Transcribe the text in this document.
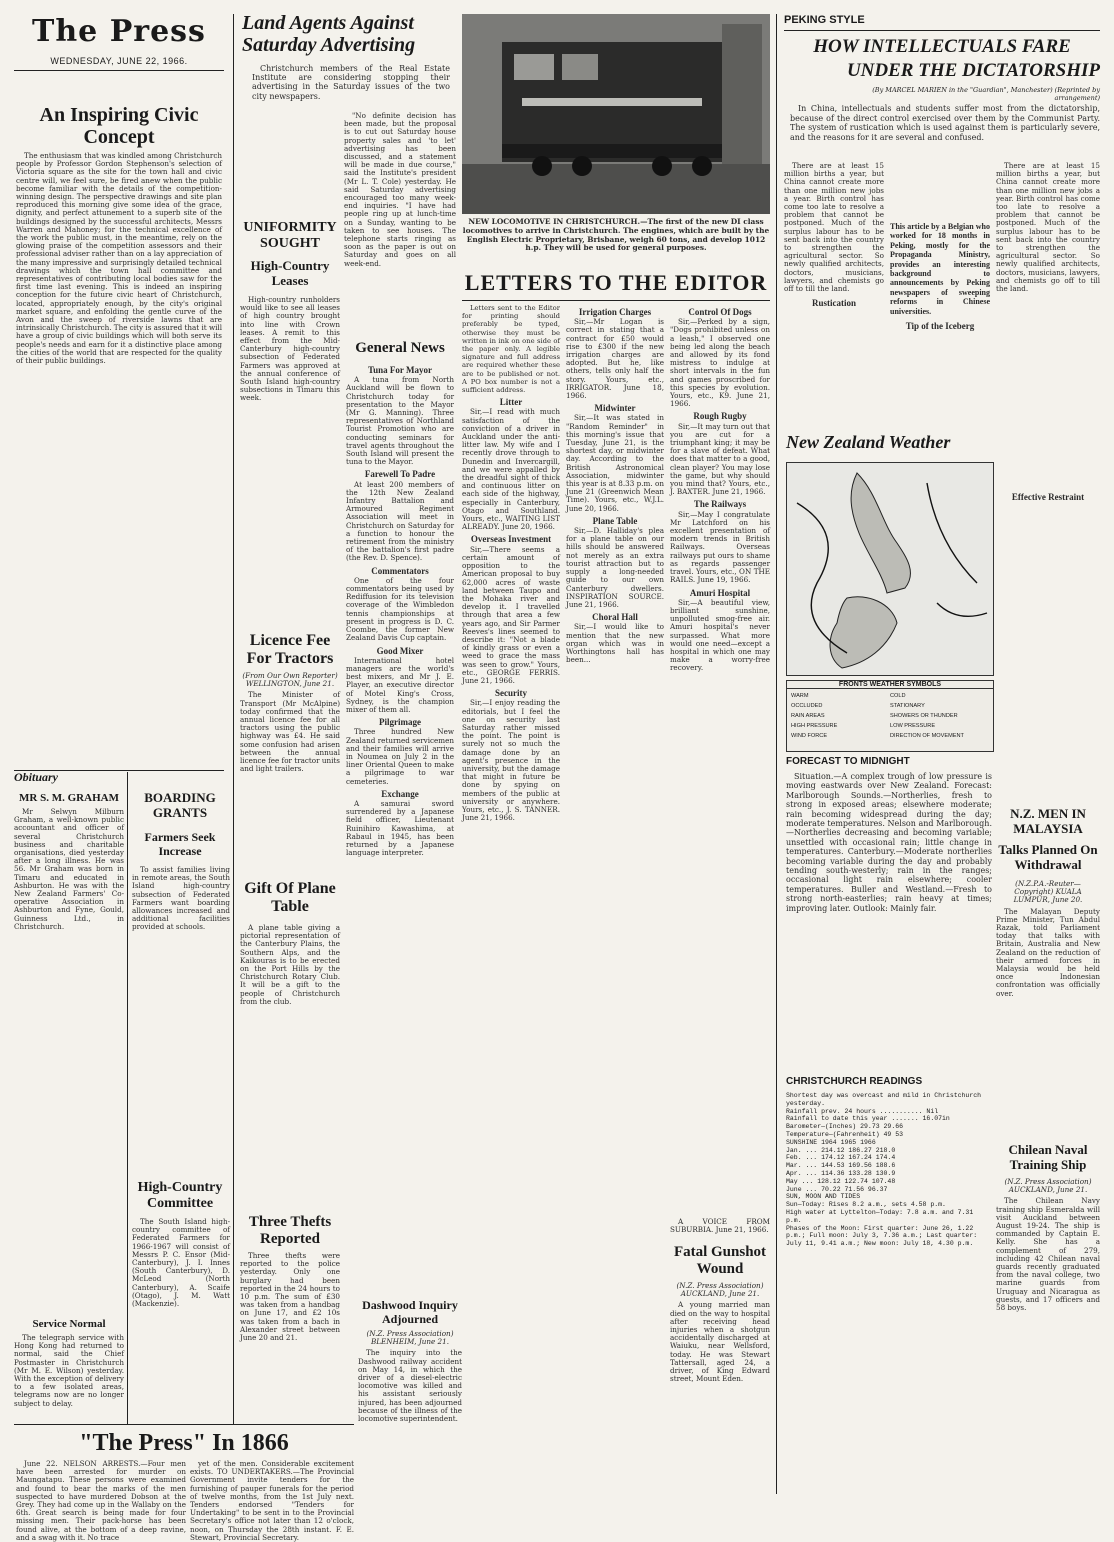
The Press
WEDNESDAY, JUNE 22, 1966.
An Inspiring Civic Concept

The enthusiasm that was kindled among Christchurch people by Professor Gordon Stephenson's selection of Victoria square as the site for the town hall and civic centre will, we feel sure, be fired anew when the public become familiar with the details of the competition-winning design. The perspective drawings and site plan reproduced this morning give some idea of the grace, dignity, and perfect attunement to a superb site of the buildings designed by the successful architects, Messrs Warren and Mahoney; for the technical excellence of the work the public must, in the meantime, rely on the glowing praise of the competition assessors and their professional adviser rather than on a lay appreciation of the many impressive and surprisingly detailed technical drawings which the town hall committee and representatives of contributing local bodies saw for the first time last evening. This is indeed an inspiring conception for the future civic heart of Christchurch, located, appropriately enough, by the city's original market square, and enfolding the gentle curve of the Avon and the sweep of riverside lawns that are intrinsically Christchurch. The city is assured that it will have a group of civic buildings which will both serve its people's needs and earn for it a distinctive place among the cities of the world that are respected for the quality of their public buildings.

Obituary
MR S. M. GRAHAM

Mr Selwyn Milburn Graham, a well-known public accountant and officer of several Christchurch business and charitable organisations, died yesterday after a long illness. He was 56. Mr Graham was born in Timaru and educated in Ashburton. He was with the New Zealand Farmers' Co-operative Association in Ashburton and Fyne, Gould, Guinness Ltd., in Christchurch.

Service Normal

The telegraph service with Hong Kong had returned to normal, said the Chief Postmaster in Christchurch (Mr M. E. Wilson) yesterday. With the exception of delivery to a few isolated areas, telegrams now are no longer subject to delay.

BOARDING GRANTS
Farmers Seek Increase

To assist families living in remote areas, the South Island high-country subsection of Federated Farmers want boarding allowances increased and additional facilities provided at schools.

High-Country Committee

The South Island high-country committee of Federated Farmers for 1966-1967 will consist of Messrs P. C. Ensor (Mid-Canterbury), J. I. Innes (South Canterbury), D. McLeod (North Canterbury), A. Scaife (Otago), J. M. Watt (Mackenzie).

Land Agents Against Saturday Advertising

Christchurch members of the Real Estate Institute are considering stopping their advertising in the Saturday issues of the two city newspapers.

"No definite decision has been made, but the proposal is to cut out Saturday house property sales and 'to let' advertising has been discussed, and a statement will be made in due course," said the Institute's president (Mr L. T. Cole) yesterday. He said Saturday advertising encouraged too many week-end inquiries. "I have had people ring up at lunch-time on a Sunday, wanting to be taken to see houses. The telephone starts ringing as soon as the paper is out on Saturday and goes on all week-end.

UNIFORMITY SOUGHT
High-Country Leases

High-country runholders would like to see all leases of high country brought into line with Crown leases. A remit to this effect from the Mid-Canterbury high-country subsection of Federated Farmers was approved at the annual conference of South Island high-country subsections in Timaru this week.

General News

Tuna For Mayor

A tuna from North Auckland will be flown to Christchurch today for presentation to the Mayor (Mr G. Manning). Three representatives of Northland Tourist Promotion who are conducting seminars for travel agents throughout the South Island will present the tuna to the Mayor.

Farewell To Padre

At least 200 members of the 12th New Zealand Infantry Battalion and Armoured Regiment Association will meet in Christchurch on Saturday for a function to honour the retirement from the ministry of the battalion's first padre (the Rev. D. Spence).

Commentators

One of the four commentators being used by Rediffusion for its television coverage of the Wimbledon tennis championships at present in progress is D. C. Coombe, the former New Zealand Davis Cup captain.

Good Mixer

International hotel managers are the world's best mixers, and Mr J. E. Player, an executive director of Motel King's Cross, Sydney, is the champion mixer of them all.

Pilgrimage

Three hundred New Zealand returned servicemen and their families will arrive in Noumea on July 2 in the liner Oriental Queen to make a pilgrimage to war cemeteries.

Exchange

A samurai sword surrendered by a Japanese field officer, Lieutenant Ruinihiro Kawashima, at Rabaul in 1945, has been returned by a Japanese language interpreter.

Licence Fee For Tractors

(From Our Own Reporter) WELLINGTON, June 21.

The Minister of Transport (Mr McAlpine) today confirmed that the annual licence fee for all tractors using the public highway was £4. He said some confusion had arisen between the annual licence fee for tractor units and light trailers.

Gift Of Plane Table

A plane table giving a pictorial representation of the Canterbury Plains, the Southern Alps, and the Kaikouras is to be erected on the Port Hills by the Christchurch Rotary Club. It will be a gift to the people of Christchurch from the club.

Three Thefts Reported

Three thefts were reported to the police yesterday. Only one burglary had been reported in the 24 hours to 10 p.m. The sum of £30 was taken from a handbag on June 17, and £2 10s was taken from a bach in Alexander street between June 20 and 21.

NEW LOCOMOTIVE IN CHRISTCHURCH.—The first of the new DI class locomotives to arrive in Christchurch. The engines, which are built by the English Electric Proprietary, Brisbane, weigh 60 tons, and develop 1012 h.p. They will be used for general purposes.
LETTERS TO THE EDITOR

Letters sent to the Editor for printing should preferably be typed, otherwise they must be written in ink on one side of the paper only. A legible signature and full address are required whether these are to be published or not. A PO box number is not a sufficient address.

Litter

Sir,—I read with much satisfaction of the conviction of a driver in Auckland under the anti-litter law. My wife and I recently drove through to Dunedin and Invercargill, and we were appalled by the dreadful sight of thick and continuous litter on each side of the highway, especially in Canterbury, Otago and Southland. Yours, etc., WAITING LIST ALREADY. June 20, 1966.

Overseas Investment

Sir,—There seems a certain amount of opposition to the American proposal to buy 62,000 acres of waste land between Taupo and the Mohaka river and develop it. I travelled through that area a few years ago, and Sir Parmer Reeves's lines seemed to describe it: "Not a blade of kindly grass or even a weed to grace the mass was seen to grow." Yours, etc., GEORGE FERRIS. June 21, 1966.

Security

Sir,—I enjoy reading the editorials, but I feel the one on security last Saturday rather missed the point. The point is surely not so much the damage done by an agent's presence in the university, but the damage that might in future be done by spying on members of the public at university or anywhere. Yours, etc., J. S. TANNER. June 21, 1966.

Irrigation Charges

Sir,—Mr Logan is correct in stating that a contract for £50 would rise to £300 if the new irrigation charges are adopted. But he, like others, tells only half the story. Yours, etc., IRRIGATOR. June 18, 1966.

Midwinter

Sir,—It was stated in "Random Reminder" in this morning's issue that Tuesday, June 21, is the shortest day, or midwinter day. According to the British Astronomical Association, midwinter this year is at 8.33 p.m. on June 21 (Greenwich Mean Time). Yours, etc., W.J.L. June 20, 1966.

Plane Table

Sir,—D. Halliday's plea for a plane table on our hills should be answered not merely as an extra tourist attraction but to supply a long-needed guide to our own Canterbury dwellers. INSPIRATION SOURCE. June 21, 1966.

Choral Hall

Sir,—I would like to mention that the new organ which was in Worthingtons hall has been...

Control Of Dogs

Sir,—Perked by a sign, "Dogs prohibited unless on a leash," I observed one being led along the beach and allowed by its fond mistress to indulge at short intervals in the fun and games proscribed for this species by evolution. Yours, etc., K9. June 21, 1966.

Rough Rugby

Sir,—It may turn out that you are cut for a triumphant king; it may be for a slave of defeat. What does that matter to a good, clean player? You may lose the game, but why should you mind that? Yours, etc., J. BAXTER. June 21, 1966.

The Railways

Sir,—May I congratulate Mr Latchford on his excellent presentation of modern trends in British Railways. Overseas railways put ours to shame as regards passenger travel. Yours, etc., ON THE RAILS. June 19, 1966.

Amuri Hospital

Sir,—A beautiful view, brilliant sunshine, unpolluted smog-free air. Amuri hospital's never surpassed. What more would one need—except a hospital in which one may make a worry-free recovery.

A VOICE FROM SUBURBIA. June 21, 1966.

Fatal Gunshot Wound

(N.Z. Press Association) AUCKLAND, June 21.

A young married man died on the way to hospital after receiving head injuries when a shotgun accidentally discharged at Waiuku, near Wellsford, today. He was Stewart Tattersall, aged 24, a driver, of King Edward street, Mount Eden.

Dashwood Inquiry Adjourned

(N.Z. Press Association) BLENHEIM, June 21.

The inquiry into the Dashwood railway accident on May 14, in which the driver of a diesel-electric locomotive was killed and his assistant seriously injured, has been adjourned because of the illness of the locomotive superintendent.

"The Press" In 1866

June 22. NELSON ARRESTS.—Four men have been arrested for murder on Maungatapu. These persons were examined and found to bear the marks of the men suspected to have murdered Dobson at the Grey. They had come up in the Wallaby on the 6th. Great search is being made for four missing men. Their pack-horse has been found alive, at the bottom of a deep ravine, and a swag with it. No trace

yet of the men. Considerable excitement exists. TO UNDERTAKERS.—The Provincial Government invite tenders for the furnishing of pauper funerals for the period of twelve months, from the 1st July next. Tenders endorsed "Tenders for Undertaking" to be sent in to the Provincial Secretary's office not later than 12 o'clock, noon, on Thursday the 28th instant. F. E. Stewart, Provincial Secretary.

PEKING STYLE
HOW INTELLECTUALS FARE
UNDER THE DICTATORSHIP
(By MARCEL MARIEN in the "Guardian", Manchester) (Reprinted by arrangement)

In China, intellectuals and students suffer most from the dictatorship, because of the direct control exercised over them by the Communist Party. The system of rustication which is used against them is particularly severe, and the reasons for it are several and confused.

There are at least 15 million births a year, but China cannot create more than one million new jobs a year. Birth control has come too late to resolve a problem that cannot be postponed. Much of the surplus labour has to be sent back into the country to strengthen the agricultural sector. So newly qualified architects, doctors, musicians, lawyers, and chemists go off to till the land.

Rustication

This article by a Belgian who worked for 18 months in Peking, mostly for the Propaganda Ministry, provides an interesting background to announcements by Peking newspapers of sweeping reforms in Chinese universities.

Tip of the Iceberg

There are at least 15 million births a year, but China cannot create more than one million new jobs a year. Birth control has come too late to resolve a problem that cannot be postponed. Much of the surplus labour has to be sent back into the country to strengthen the agricultural sector. So newly qualified architects, doctors, musicians, lawyers, and chemists go off to till the land.

Effective Restraint

New Zealand Weather
FRONTS WEATHER SYMBOLS
WARM	COLD
OCCLUDED	STATIONARY
RAIN AREAS	SHOWERS OR THUNDER
HIGH PRESSURE	LOW PRESSURE
WIND FORCE	DIRECTION OF MOVEMENT
FORECAST TO MIDNIGHT

Situation.—A complex trough of low pressure is moving eastwards over New Zealand. Forecast: Marlborough Sounds.—Northerlies, fresh to strong in exposed areas; elsewhere moderate; rain becoming widespread during the day; moderate temperatures. Nelson and Marlborough.—Northerlies decreasing and becoming variable; unsettled with occasional rain; little change in temperatures. Canterbury.—Moderate northerlies becoming variable during the day and probably tending south-westerly; rain in the ranges; occasional light rain elsewhere; cooler temperatures. Buller and Westland.—Fresh to strong north-easterlies; rain heavy at times; improving later. Outlook: Mainly fair.

CHRISTCHURCH READINGS
Shortest day was overcast and mild in Christchurch yesterday.
Rainfall prev. 24 hours ........... Nil
Rainfall to date this year ....... 16.07in
Barometer—(Inches) 29.73 29.66
Temperature—(Fahrenheit) 49 53
SUNSHINE 1964 1965 1966
Jan. ... 214.12 186.27 218.0
Feb. ... 174.12 167.24 174.4
Mar. ... 144.53 169.56 188.6
Apr. ... 114.36 133.28 130.9
May ... 128.12 122.74 107.48
June ... 70.22 71.56 96.37
SUN, MOON AND TIDES
Sun—Today: Rises 8.2 a.m., sets 4.58 p.m.
High water at Lyttelton—Today: 7.8 a.m. and 7.31 p.m.
Phases of the Moon: First quarter: June 26, 1.22 p.m.; Full moon: July 3, 7.36 a.m.; Last quarter: July 11, 9.41 a.m.; New moon: July 18, 4.30 p.m.
N.Z. MEN IN MALAYSIA
Talks Planned On Withdrawal

(N.Z.P.A.-Reuter—Copyright) KUALA LUMPUR, June 20.

The Malayan Deputy Prime Minister, Tun Abdul Razak, told Parliament today that talks with Britain, Australia and New Zealand on the reduction of their armed forces in Malaysia would be held once Indonesian confrontation was officially over.

Chilean Naval Training Ship

(N.Z. Press Association) AUCKLAND, June 21.

The Chilean Navy training ship Esmeralda will visit Auckland between August 19-24. The ship is commanded by Captain E. Kelly. She has a complement of 279, including 42 Chilean naval guards recently graduated from the naval college, two marine guards from Uruguay and Nicaragua as guests, and 17 officers and 58 boys.
